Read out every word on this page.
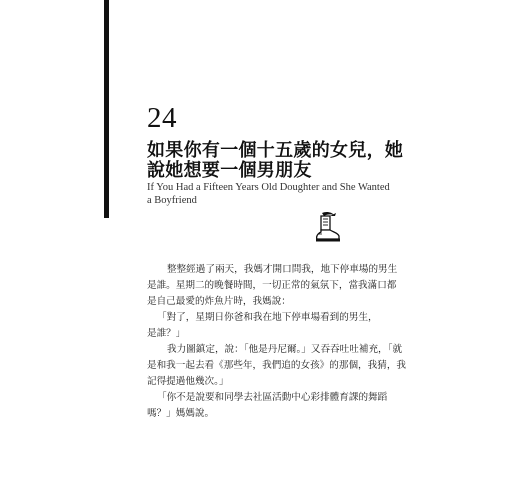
24
如果你有一個十五歲的女兒，她
說她想要一個男朋友
If You Had a Fifteen Years Old Doughter and She Wanted
a Boyfriend
整整經過了兩天，我媽才開口問我，地下停車場的男生
是誰。星期二的晚餐時間，一切正常的氣氛下，當我滿口都
是自己最愛的炸魚片時，我媽說：
「對了，星期日你爸和我在地下停車場看到的男生，
是誰？」
我力圖鎮定，說：「他是丹尼爾。」又吞吞吐吐補充，「就
是和我一起去看《那些年，我們追的女孩》的那個，我猜，我
記得提過他幾次。」
「你不是說要和同學去社區活動中心彩排體育課的舞蹈
嗎？」媽媽說。
